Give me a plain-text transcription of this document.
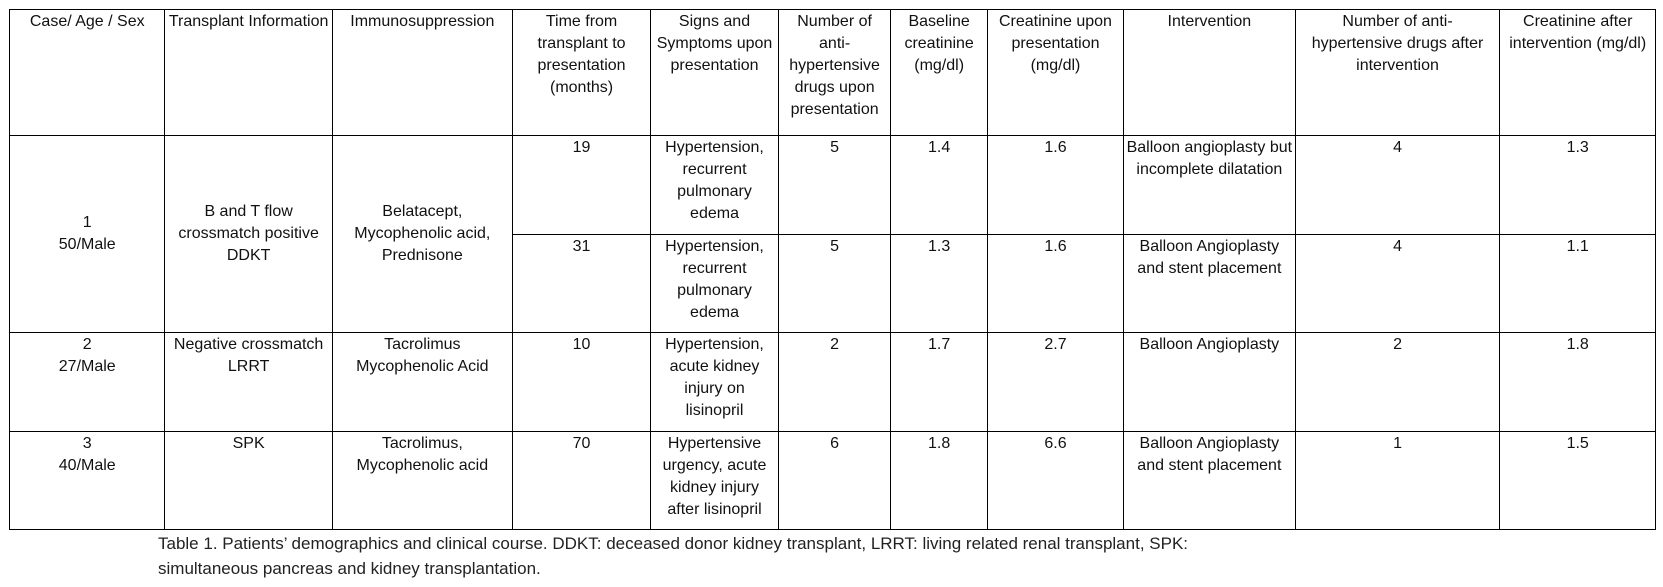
Case/ Age / Sex	Transplant Information	Immunosuppression	Time from transplant to presentation (months)	Signs and Symptoms upon presentation	Number of anti-hypertensive drugs upon presentation	Baseline creatinine (mg/dl)	Creatinine upon presentation (mg/dl)	Intervention	Number of anti-hypertensive drugs after intervention	Creatinine after intervention (mg/dl)

1
50/Male	B and T flow crossmatch positive DDKT	Belatacept, Mycophenolic acid, Prednisone	19	Hypertension, recurrent pulmonary edema	5	1.4	1.6	Balloon angioplasty but incomplete dilatation	4	1.3
			31	Hypertension, recurrent pulmonary edema	5	1.3	1.6	Balloon Angioplasty and stent placement	4	1.1

2
27/Male	Negative crossmatch LRRT	Tacrolimus Mycophenolic Acid	10	Hypertension, acute kidney injury on lisinopril	2	1.7	2.7	Balloon Angioplasty	2	1.8

3
40/Male	SPK	Tacrolimus, Mycophenolic acid	70	Hypertensive urgency, acute kidney injury after lisinopril	6	1.8	6.6	Balloon Angioplasty and stent placement	1	1.5
Table 1. Patients’ demographics and clinical course. DDKT: deceased donor kidney transplant, LRRT: living related renal transplant, SPK:
simultaneous pancreas and kidney transplantation.
